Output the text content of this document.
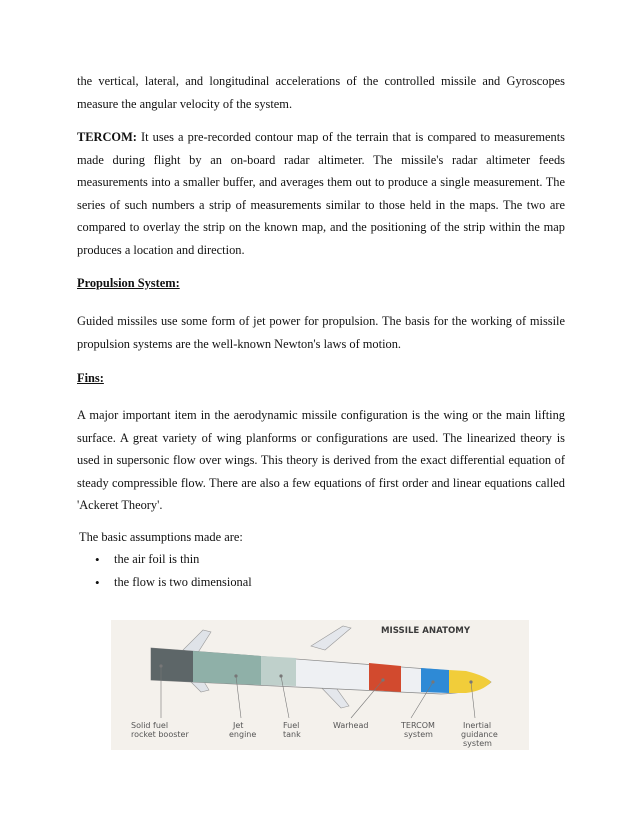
the vertical, lateral, and longitudinal accelerations of the controlled missile and Gyroscopes measure the angular velocity of the system.

TERCOM: It uses a pre-recorded contour map of the terrain that is compared to measurements made during flight by an on-board radar altimeter. The missile's radar altimeter feeds measurements into a smaller buffer, and averages them out to produce a single measurement. The series of such numbers a strip of measurements similar to those held in the maps. The two are compared to overlay the strip on the known map, and the positioning of the strip within the map produces a location and direction.

Propulsion System:

Guided missiles use some form of jet power for propulsion. The basis for the working of missile propulsion systems are the well-known Newton's laws of motion.

Fins:

A major important item in the aerodynamic missile configuration is the wing or the main lifting surface. A great variety of wing planforms or configurations are used. The linearized theory is used in supersonic flow over wings. This theory is derived from the exact differential equation of steady compressible flow. There are also a few equations of first order and linear equations called 'Ackeret Theory'.

The basic assumptions made are:

• the air foil is thin
• the flow is two dimensional
MISSILE ANATOMY
Solid fuel
rocket booster
Jet
engine
Fuel
tank
Warhead	TERCOM
system
Inertial
guidance
system
